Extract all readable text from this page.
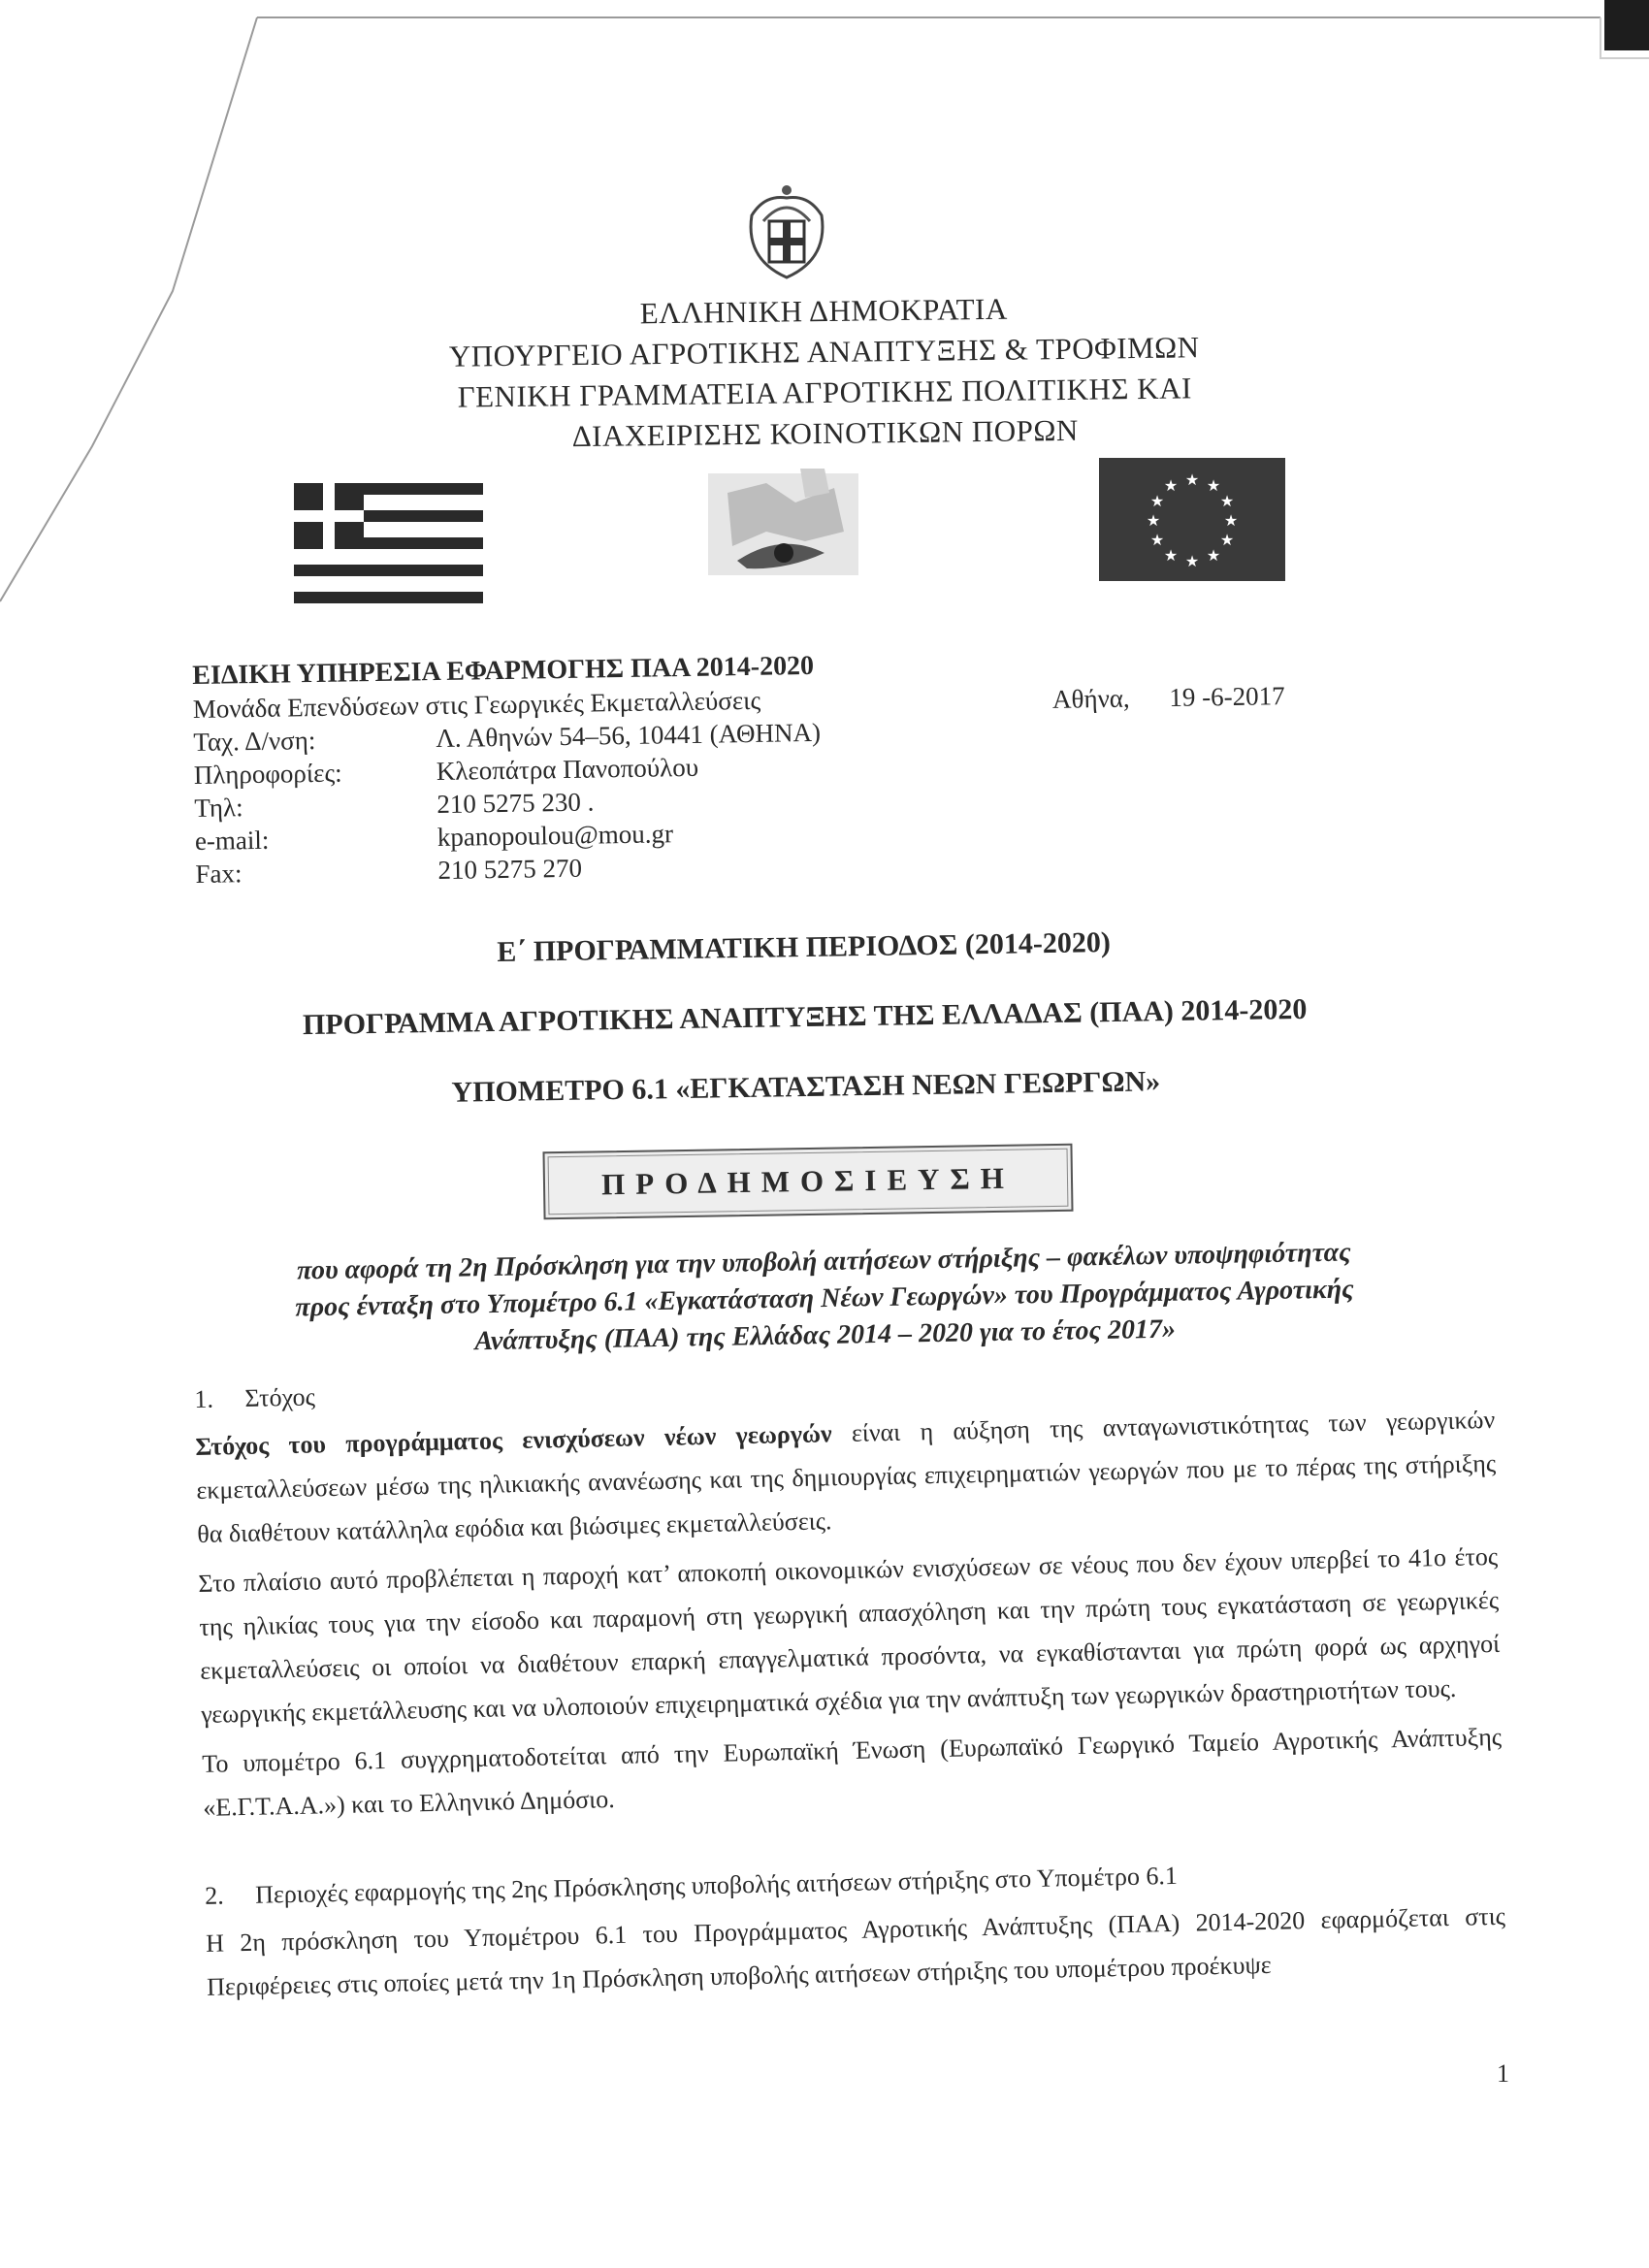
ΕΛΛΗΝΙΚΗ ΔΗΜΟΚΡΑΤΙΑ
ΥΠΟΥΡΓΕΙΟ ΑΓΡΟΤΙΚΗΣ ΑΝΑΠΤΥΞΗΣ & ΤΡΟΦΙΜΩΝ
ΓΕΝΙΚΗ ΓΡΑΜΜΑΤΕΙΑ ΑΓΡΟΤΙΚΗΣ ΠΟΛΙΤΙΚΗΣ ΚΑΙ
ΔΙΑΧΕΙΡΙΣΗΣ ΚΟΙΝΟΤΙΚΩΝ ΠΟΡΩΝ
★ ★
★
★
★
★
★
★
★
★
★
★
ΕΙΔΙΚΗ ΥΠΗΡΕΣΙΑ ΕΦΑΡΜΟΓΗΣ ΠΑΑ 2014-2020
Μονάδα Επενδύσεων στις Γεωργικές Εκμεταλλεύσεις
Ταχ. Δ/νση:	Λ. Αθηνών 54–56, 10441 (ΑΘΗΝΑ)
Πληροφορίες:	Κλεοπάτρα Πανοπούλου
Τηλ:	210 5275 230 .
e-mail:	kpanopoulou@mou.gr
Fax:	210 5275 270
Αθήνα, 19 -6-2017
Ε΄ ΠΡΟΓΡΑΜΜΑΤΙΚΗ ΠΕΡΙΟΔΟΣ (2014-2020)
ΠΡΟΓΡΑΜΜΑ ΑΓΡΟΤΙΚΗΣ ΑΝΑΠΤΥΞΗΣ ΤΗΣ ΕΛΛΑΔΑΣ (ΠΑΑ) 2014-2020
ΥΠΟΜΕΤΡΟ 6.1 «ΕΓΚΑΤΑΣΤΑΣΗ ΝΕΩΝ ΓΕΩΡΓΩΝ»
ΠΡΟΔΗΜΟΣΙΕΥΣΗ
που αφορά τη 2η Πρόσκληση για την υποβολή αιτήσεων στήριξης – φακέλων υποψηφιότητας
προς ένταξη στο Υπομέτρο 6.1 «Εγκατάσταση Νέων Γεωργών» του Προγράμματος Αγροτικής
Ανάπτυξης (ΠΑΑ) της Ελλάδας 2014 – 2020 για το έτος 2017»
1. Στόχος
Στόχος του προγράμματος ενισχύσεων νέων γεωργών είναι η αύξηση της ανταγωνιστικότητας των γεωργικών εκμεταλλεύσεων μέσω της ηλικιακής ανανέωσης και της δημιουργίας επιχειρηματιών γεωργών που με το πέρας της στήριξης θα διαθέτουν κατάλληλα εφόδια και βιώσιμες εκμεταλλεύσεις.
Στο πλαίσιο αυτό προβλέπεται η παροχή κατ’ αποκοπή οικονομικών ενισχύσεων σε νέους που δεν έχουν υπερβεί το 41ο έτος της ηλικίας τους για την είσοδο και παραμονή στη γεωργική απασχόληση και την πρώτη τους εγκατάσταση σε γεωργικές εκμεταλλεύσεις οι οποίοι να διαθέτουν επαρκή επαγγελματικά προσόντα, να εγκαθίστανται για πρώτη φορά ως αρχηγοί γεωργικής εκμετάλλευσης και να υλοποιούν επιχειρηματικά σχέδια για την ανάπτυξη των γεωργικών δραστηριοτήτων τους.
Το υπομέτρο 6.1 συγχρηματοδοτείται από την Ευρωπαϊκή Ένωση (Ευρωπαϊκό Γεωργικό Ταμείο Αγροτικής Ανάπτυξης «Ε.Γ.Τ.Α.Α.») και το Ελληνικό Δημόσιο.
2. Περιοχές εφαρμογής της 2ης Πρόσκλησης υποβολής αιτήσεων στήριξης στο Υπομέτρο 6.1
Η 2η πρόσκληση του Υπομέτρου 6.1 του Προγράμματος Αγροτικής Ανάπτυξης (ΠΑΑ) 2014-2020 εφαρμόζεται στις Περιφέρειες στις οποίες μετά την 1η Πρόσκληση υποβολής αιτήσεων στήριξης του υπομέτρου προέκυψε
1
